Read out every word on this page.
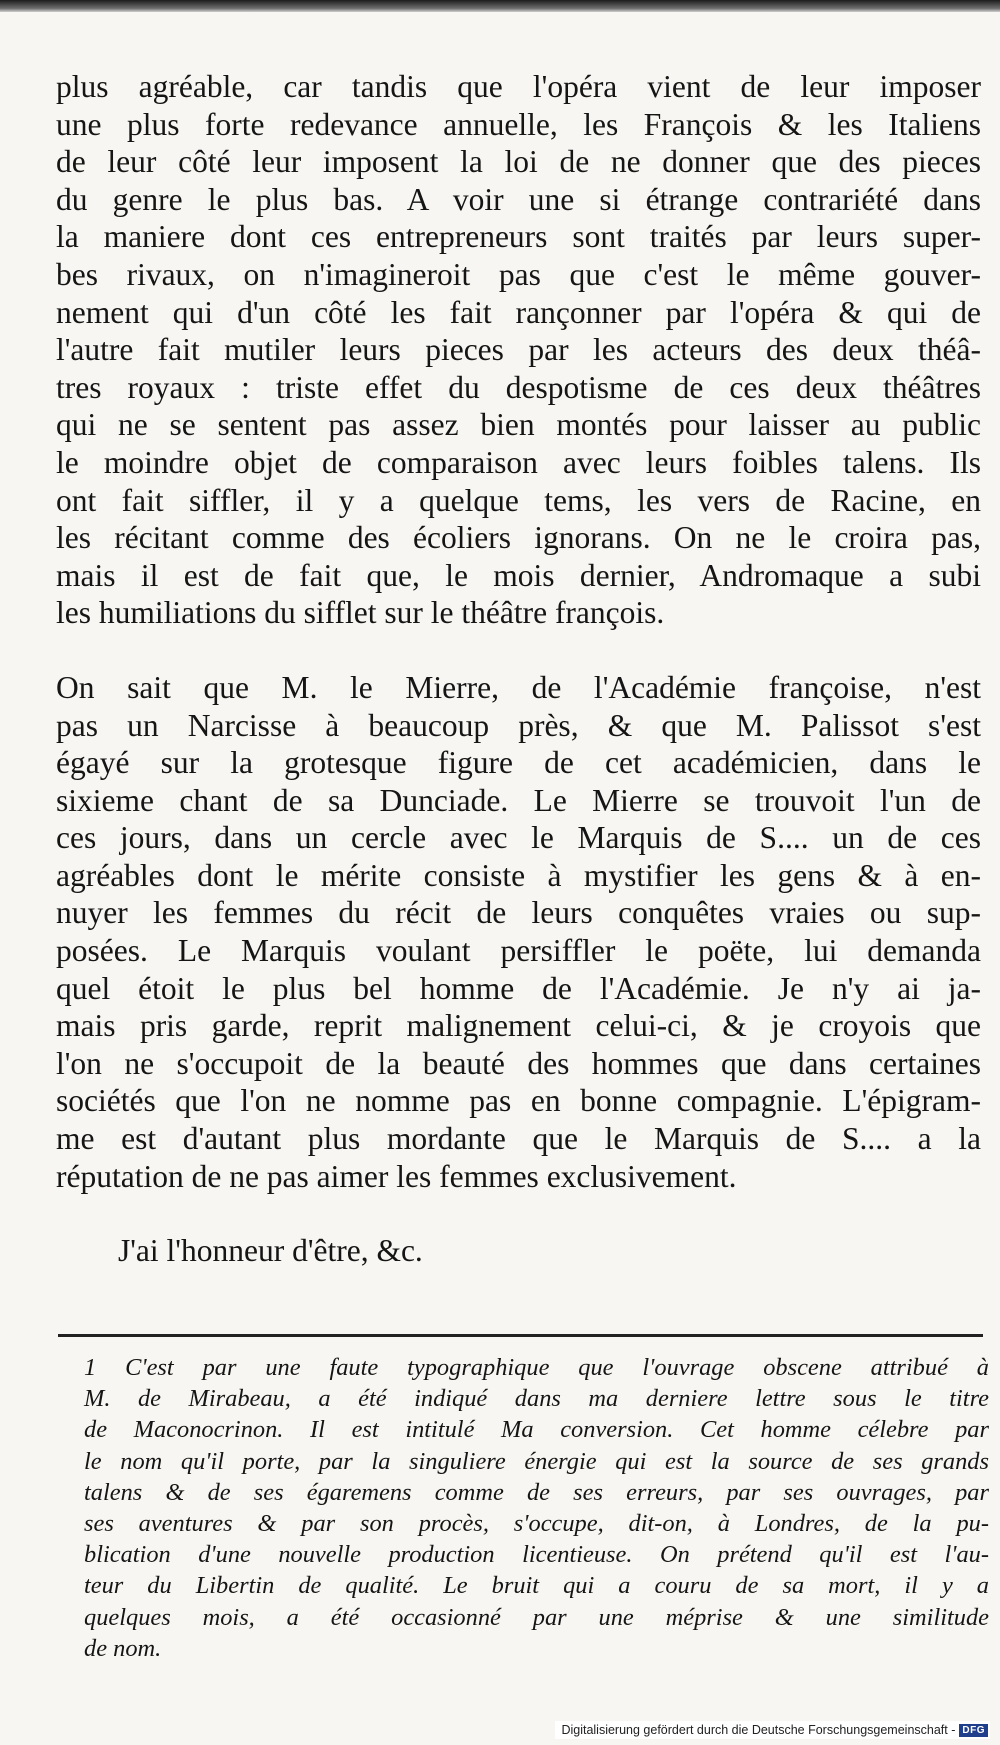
plus agréable, car tandis que l'opéra vient de leur imposer
une plus forte redevance annuelle, les François & les Italiens
de leur côté leur imposent la loi de ne donner que des pieces
du genre le plus bas. A voir une si étrange contrariété dans
la maniere dont ces entrepreneurs sont traités par leurs super-
bes rivaux, on n'imagineroit pas que c'est le même gouver-
nement qui d'un côté les fait rançonner par l'opéra & qui de
l'autre fait mutiler leurs pieces par les acteurs des deux théâ-
tres royaux : triste effet du despotisme de ces deux théâtres
qui ne se sentent pas assez bien montés pour laisser au public
le moindre objet de comparaison avec leurs foibles talens. Ils
ont fait siffler, il y a quelque tems, les vers de Racine, en
les récitant comme des écoliers ignorans. On ne le croira pas,
mais il est de fait que, le mois dernier, Andromaque a subi
les humiliations du sifflet sur le théâtre françois.
On sait que M. le Mierre, de l'Académie françoise, n'est
pas un Narcisse à beaucoup près, & que M. Palissot s'est
égayé sur la grotesque figure de cet académicien, dans le
sixieme chant de sa Dunciade. Le Mierre se trouvoit l'un de
ces jours, dans un cercle avec le Marquis de S.... un de ces
agréables dont le mérite consiste à mystifier les gens & à en-
nuyer les femmes du récit de leurs conquêtes vraies ou sup-
posées. Le Marquis voulant persiffler le poëte, lui demanda
quel étoit le plus bel homme de l'Académie. Je n'y ai ja-
mais pris garde, reprit malignement celui-ci, & je croyois que
l'on ne s'occupoit de la beauté des hommes que dans certaines
sociétés que l'on ne nomme pas en bonne compagnie. L'épigram-
me est d'autant plus mordante que le Marquis de S.... a la
réputation de ne pas aimer les femmes exclusivement.
J'ai l'honneur d'être, &c.
1 C'est par une faute typographique que l'ouvrage obscene attribué à
M. de Mirabeau, a été indiqué dans ma derniere lettre sous le titre
de Maconocrinon. Il est intitulé Ma conversion. Cet homme célebre par
le nom qu'il porte, par la singuliere énergie qui est la source de ses grands
talens & de ses égaremens comme de ses erreurs, par ses ouvrages, par
ses aventures & par son procès, s'occupe, dit-on, à Londres, de la pu-
blication d'une nouvelle production licentieuse. On prétend qu'il est l'au-
teur du Libertin de qualité. Le bruit qui a couru de sa mort, il y a
quelques mois, a été occasionné par une méprise & une similitude
de nom.
Digitalisierung gefördert durch die Deutsche Forschungsgemeinschaft - DFG
